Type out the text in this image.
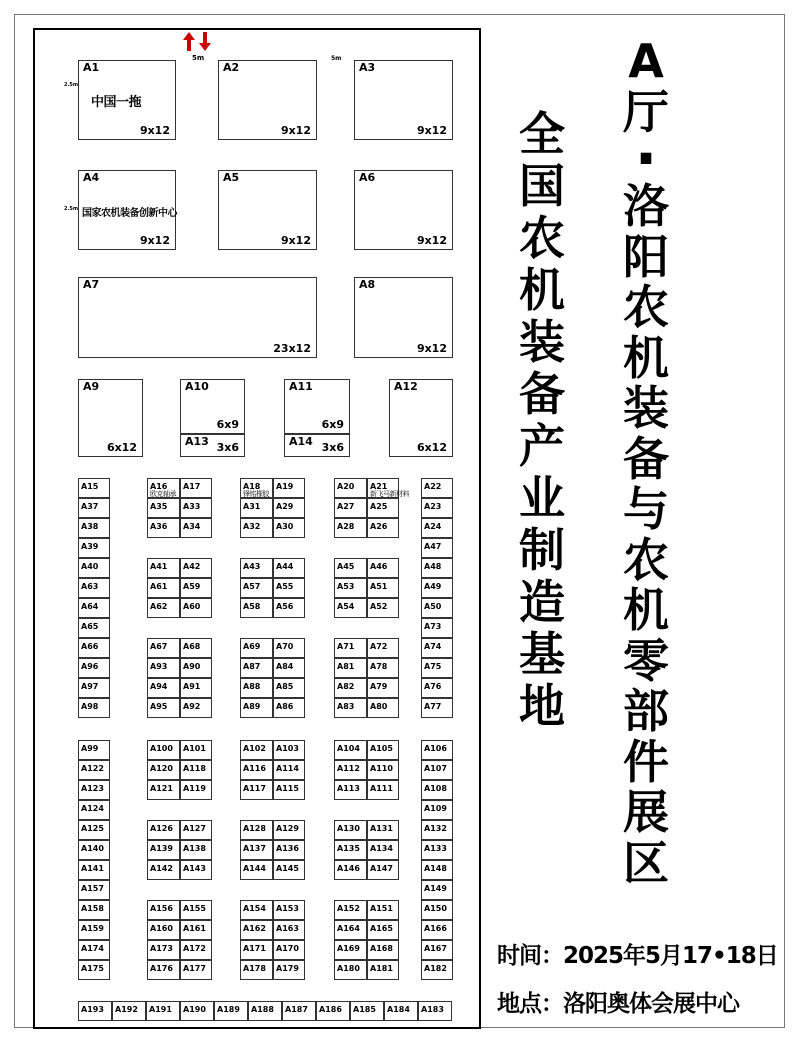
A1
9x12
中国一拖
A2
9x12
A3
9x12
A4
9x12
国家农机装备创新中心
A5
9x12
A6
9x12
A7
23x12
A8
9x12
A9
6x12
A10
6x9
A11
6x9
A12
6x12
A13 3x6	A14 3x6
A15
A37
A38
A39
A40
A63
A64
A65
A66
A96
A97
A98
A22
A23
A24
A47
A48
A49
A50
A73
A74
A75
A76
A77
A99
A122
A123
A124
A125
A140
A141
A157
A158
A159
A174
A175
A106
A107
A108
A109
A132
A133
A148
A149
A150
A166
A167
A182
A16
欧克轴承
A17
A35 A33
A36 A34
A18
锋铭橡胶
A19
A31 A29
A32 A30
A20 A21
新飞马新材料
A27 A25
A28 A26
A41 A42
A61 A59
A62 A60
A43 A44
A57 A55
A58 A56
A45 A46
A53 A51
A54 A52
A67 A68
A93 A90
A94 A91
A95 A92
A69 A70
A87 A84
A88 A85
A89 A86
A71 A72
A81 A78
A82 A79
A83 A80
A100 A101
A120 A118
A121 A119
A102 A103
A116 A114
A117 A115
A104 A105
A112 A110
A113 A111
A126 A127
A139 A138
A142 A143
A128 A129
A137 A136
A144 A145
A130 A131
A135 A134
A146 A147
A156 A155
A160 A161
A173 A172
A176 A177
A154 A153
A162 A163
A171 A170
A178 A179
A152 A151
A164 A165
A169 A168
A180 A181
A193 A192 A191 A190 A189 A188 A187 A186 A185 A184 A183
5m	5m
2.5m
2.5m
A
厅
·
洛
阳
农
机
装
备
与
农
机
零
部
件
展
区
全
国
农
机
装
备
产
业
制
造
基
地
时间：2025年5月17•18日
地点：洛阳奥体会展中心
